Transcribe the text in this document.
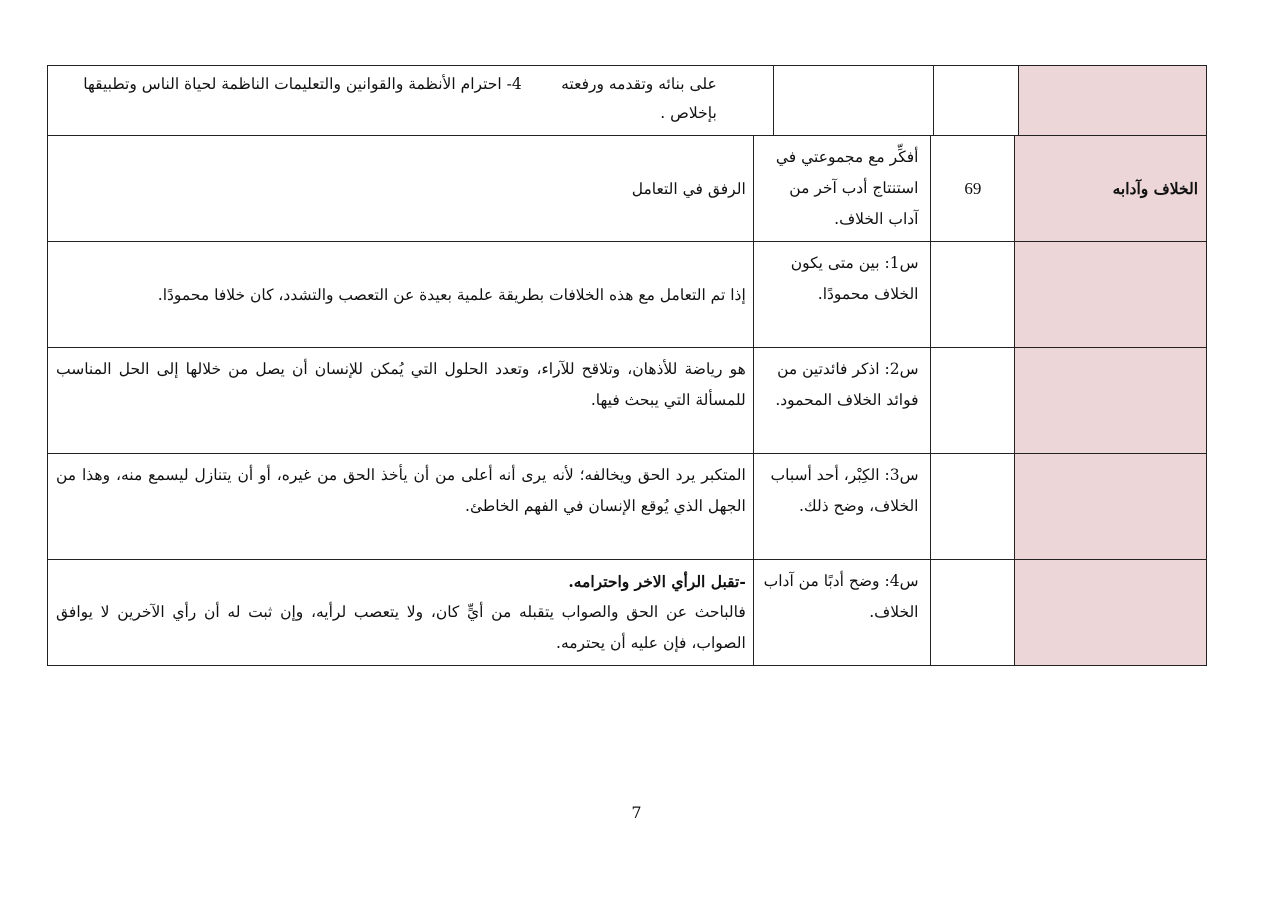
على بنائه وتقدمه ورفعته        4- احترام الأنظمة والقوانين والتعليمات الناظمة لحياة الناس وتطبيقها
بإخلاص .
الخلاف وآدابه
69
أفكِّر مع مجموعتي في استنتاج أدب آخر من آداب الخلاف.
الرفق في التعامل
س1: بين متى يكون الخلاف محمودًا.
إذا تم التعامل مع هذه الخلافات بطريقة علمية بعيدة عن التعصب والتشدد، كان خلافا محمودًا.
س2: اذكر فائدتين من فوائد الخلاف المحمود.
هو رياضة للأذهان، وتلاقح للآراء، وتعدد الحلول التي يُمكن للإنسان أن يصل من خلالها إلى الحل المناسب للمسألة التي يبحث فيها.
س3: الكِبْر، أحد أسباب الخلاف، وضح ذلك.
المتكبر يرد الحق ويخالفه؛ لأنه يرى أنه أعلى من أن يأخذ الحق من غيره، أو أن يتنازل ليسمع منه، وهذا من الجهل الذي يُوقع الإنسان في الفهم الخاطئ.
س4: وضح أدبًا من آداب الخلاف.
-تقبل الرأي الاخر واحترامه.
فالباحث عن الحق والصواب يتقبله من أيٍّ كان، ولا يتعصب لرأيه، وإن ثبت له أن رأي الآخرين لا يوافق الصواب، فإن عليه أن يحترمه.
7
